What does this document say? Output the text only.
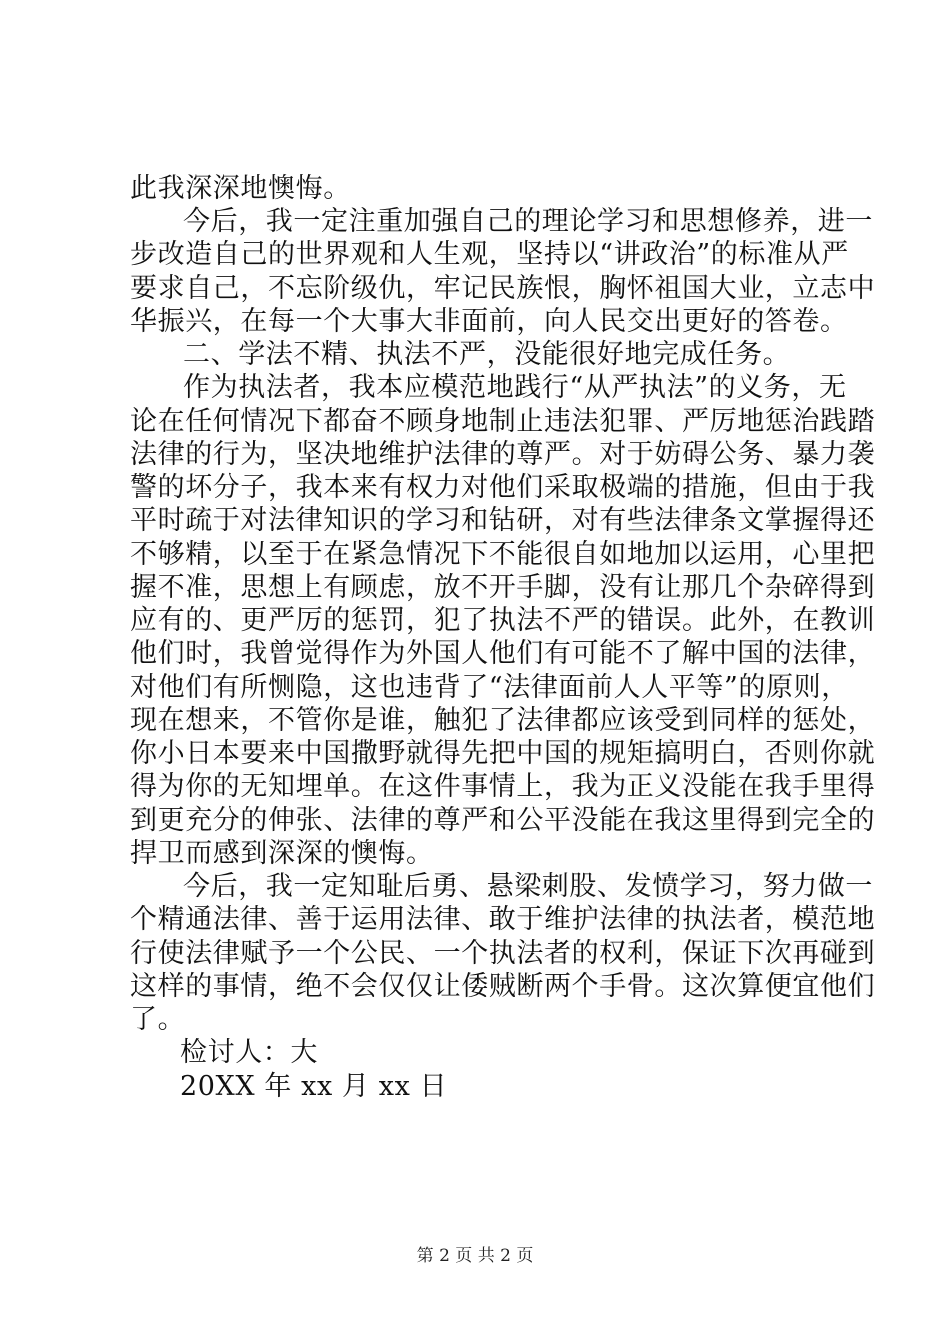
此我深深地懊悔。
今后，我一定注重加强自己的理论学习和思想修养，进一
步改造自己的世界观和人生观，坚持以“讲政治”的标准从严
要求自己，不忘阶级仇，牢记民族恨，胸怀祖国大业，立志中
华振兴，在每一个大事大非面前，向人民交出更好的答卷。
二、学法不精、执法不严，没能很好地完成任务。
作为执法者，我本应模范地践行“从严执法”的义务，无
论在任何情况下都奋不顾身地制止违法犯罪、严厉地惩治践踏
法律的行为，坚决地维护法律的尊严。对于妨碍公务、暴力袭
警的坏分子，我本来有权力对他们采取极端的措施，但由于我
平时疏于对法律知识的学习和钻研，对有些法律条文掌握得还
不够精，以至于在紧急情况下不能很自如地加以运用，心里把
握不准，思想上有顾虑，放不开手脚，没有让那几个杂碎得到
应有的、更严厉的惩罚，犯了执法不严的错误。此外，在教训
他们时，我曾觉得作为外国人他们有可能不了解中国的法律，
对他们有所恻隐，这也违背了“法律面前人人平等”的原则，
现在想来，不管你是谁，触犯了法律都应该受到同样的惩处，
你小日本要来中国撒野就得先把中国的规矩搞明白，否则你就
得为你的无知埋单。在这件事情上，我为正义没能在我手里得
到更充分的伸张、法律的尊严和公平没能在我这里得到完全的
捍卫而感到深深的懊悔。
今后，我一定知耻后勇、悬梁刺股、发愤学习，努力做一
个精通法律、善于运用法律、敢于维护法律的执法者，模范地
行使法律赋予一个公民、一个执法者的权利，保证下次再碰到
这样的事情，绝不会仅仅让倭贼断两个手骨。这次算便宜他们
了。
检讨人：大
20XX 年 xx 月 xx 日
第 2 页 共 2 页
